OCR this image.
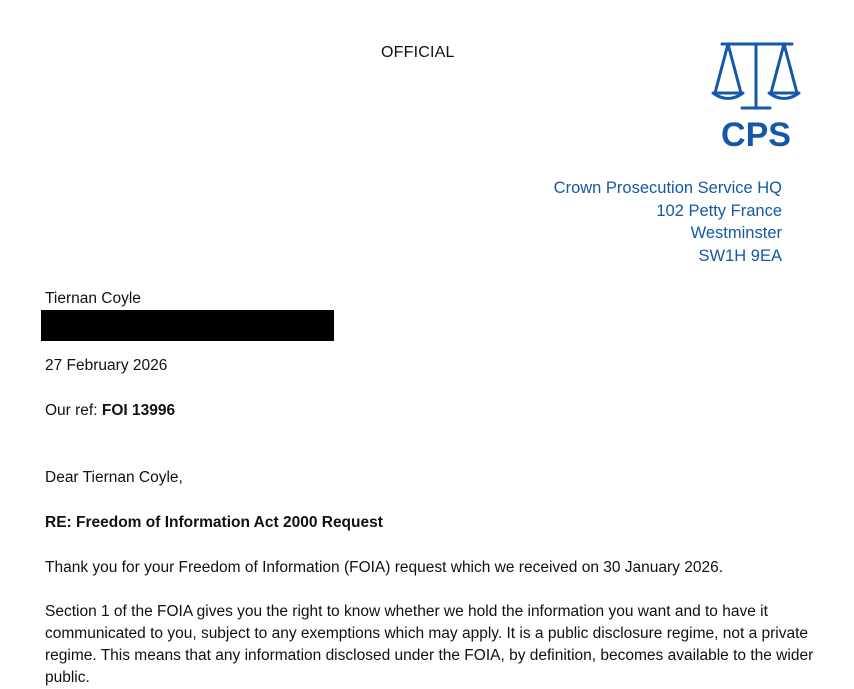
OFFICIAL
CPS
Crown Prosecution Service HQ
102 Petty France
Westminster
SW1H 9EA
Tiernan Coyle
27 February 2026
Our ref: FOI 13996
Dear Tiernan Coyle,
RE: Freedom of Information Act 2000 Request
Thank you for your Freedom of Information (FOIA) request which we received on 30 January 2026.
Section 1 of the FOIA gives you the right to know whether we hold the information you want and to have it communicated to you, subject to any exemptions which may apply. It is a public disclosure regime, not a private regime. This means that any information disclosed under the FOIA, by definition, becomes available to the wider public.
